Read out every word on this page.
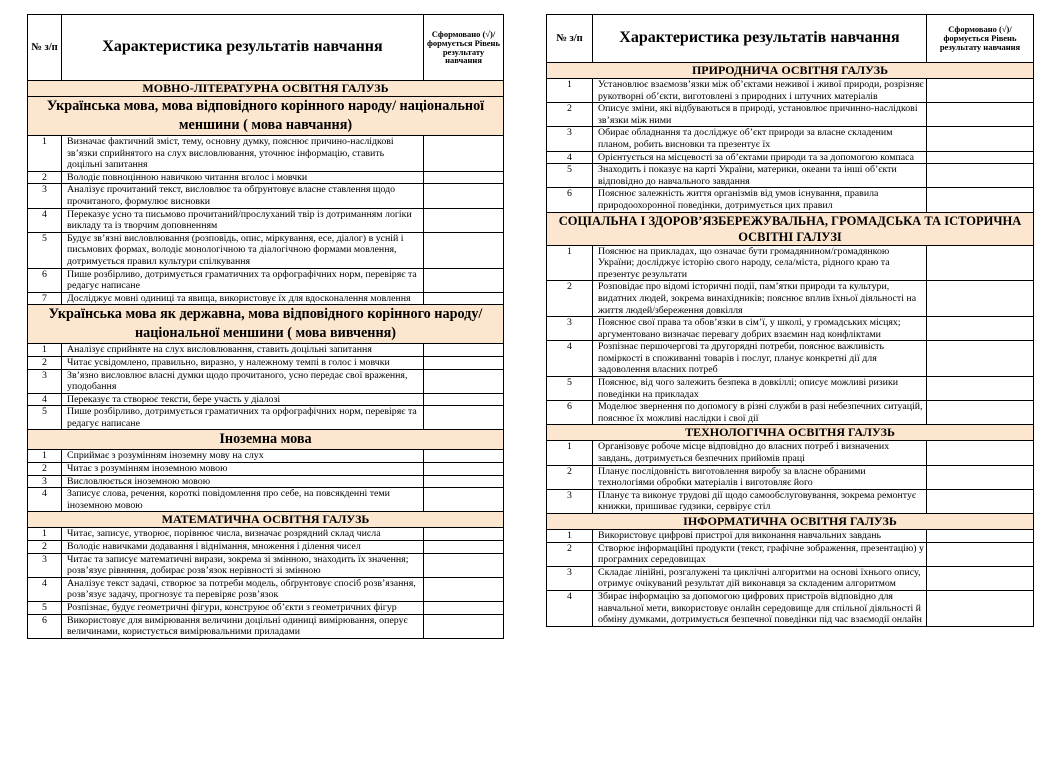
№ з/п	Характеристика результатів навчання	Сформовано (√)/ формується Рівень результату навчання
МОВНО-ЛІТЕРАТУРНА ОСВІТНЯ ГАЛУЗЬ		
Українська мова, мова відповідного корінного народу/ національної меншини ( мова навчання)		
1	Визначає фактичний зміст, тему, основну думку, пояснює причино-наслідкові зв’язки сприйнятого на слух висловлювання, уточнює інформацію, ставить доцільні запитання	
2	Володіє повноцінною навичкою читання вголос і мовчки	
3	Аналізує прочитаний текст, висловлює та обґрунтовує власне ставлення щодо прочитаного, формулює висновки	
4	Переказує усно та письмово прочитаний/прослуханий твір із дотриманням логіки викладу та із творчим доповненням	
5	Будує зв’язні висловлювання (розповідь, опис, міркування, есе, діалог) в усній і письмових формах, володіє монологічною та діалогічною формами мовлення, дотримується правил культури спілкування	
6	Пише розбірливо, дотримується граматичних та орфографічних норм, перевіряє та редагує написане	
7	Досліджує мовні одиниці та явища, використовує їх для вдосконалення мовлення	
Українська мова як державна, мова відповідного корінного народу/ національної меншини ( мова вивчення)		
1	Аналізує сприйняте на слух висловлювання, ставить доцільні запитання	
2	Читає усвідомлено, правильно, виразно, у належному темпі в голос і мовчки	
3	Зв’язно висловлює власні думки щодо прочитаного, усно передає свої враження, уподобання	
4	Переказує та створює тексти, бере участь у діалозі	
5	Пише розбірливо, дотримується граматичних та орфографічних норм, перевіряє та редагує написане	
Іноземна мова		
1	Сприймає з розумінням іноземну мову на слух	
2	Читає з розумінням іноземною мовою	
3	Висловлюється іноземною мовою	
4	Записує слова, речення, короткі повідомлення про себе, на повсякденні теми іноземною мовою	
МАТЕМАТИЧНА ОСВІТНЯ ГАЛУЗЬ		
1	Читає, записує, утворює, порівнює числа, визначає розрядний склад числа	
2	Володіє навичками додавання і віднімання, множення і ділення чисел	
3	Читає та записує математичні вирази, зокрема зі змінною, знаходить їх значення; розв’язує рівняння, добирає розв’язок нерівності зі змінною	
4	Аналізує текст задачі, створює за потреби модель, обґрунтовує спосіб розв’язання, розв’язує задачу, прогнозує та перевіряє розв’язок	
5	Розпізнає, будує геометричні фігури, конструює об’єкти з геометричних фігур	
6	Використовує для вимірювання величини доцільні одиниці вимірювання, оперує величинами, користується вимірювальними приладами	
№ з/п	Характеристика результатів навчання	Сформовано (√)/ формується Рівень результату навчання
ПРИРОДНИЧА ОСВІТНЯ ГАЛУЗЬ		
1	Установлює взаємозв’язки між об’єктами неживої і живої природи, розрізняє рукотворні об’єкти, виготовлені з природних і штучних матеріалів	
2	Описує зміни, які відбуваються в природі, установлює причинно-наслідкові зв’язки між ними	
3	Обирає обладнання та досліджує об’єкт природи за власне складеним планом, робить висновки та презентує їх	
4	Орієнтується на місцевості за об’єктами природи та за допомогою компаса	
5	Знаходить і показує на карті України, материки, океани та інші об’єкти відповідно до навчального завдання	
6	Пояснює залежність життя організмів від умов існування, правила природоохоронної поведінки, дотримується цих правил	
СОЦІАЛЬНА І ЗДОРОВ’ЯЗБЕРЕЖУВАЛЬНА, ГРОМАДСЬКА ТА ІСТОРИЧНА ОСВІТНІ ГАЛУЗІ		
1	Пояснює на прикладах, що означає бути громадянином/громадянкою України; досліджує історію свого народу, села/міста, рідного краю та презентує результати	
2	Розповідає про відомі історичні події, пам’ятки природи та культури, видатних людей, зокрема винахідників; пояснює вплив їхньої діяльності на життя людей/збереження довкілля	
3	Пояснює свої права та обов’язки в сім’ї, у школі, у громадських місцях; аргументовано визначає перевагу добрих взаємин над конфліктами	
4	Розпізнає першочергові та другорядні потреби, пояснює важливість поміркості в споживанні товарів і послуг, планує конкретні дії для задоволення власних потреб	
5	Пояснює, від чого залежить безпека в довкіллі; описує можливі ризики поведінки на прикладах	
6	Моделює звернення по допомогу в різні служби в разі небезпечних ситуацій, пояснює їх можливі наслідки і свої дії	
ТЕХНОЛОГІЧНА ОСВІТНЯ ГАЛУЗЬ		
1	Організовує робоче місце відповідно до власних потреб і визначених завдань, дотримується безпечних прийомів праці	
2	Планує послідовність виготовлення виробу за власне обраними технологіями обробки матеріалів і виготовляє його	
3	Планує та виконує трудові дії щодо самообслуговування, зокрема ремонтує книжки, пришиває ґудзики, сервірує стіл	
ІНФОРМАТИЧНА ОСВІТНЯ ГАЛУЗЬ		
1	Використовує цифрові пристрої для виконання навчальних завдань	
2	Створює інформаційні продукти (текст, графічне зображення, презентацію) у програмних середовищах	
3	Складає лінійні, розгалужені та циклічні алгоритми на основі їхнього опису, отримує очікуваний результат дій виконавця за складеним алгоритмом	
4	Збирає інформацію за допомогою цифрових пристроїв відповідно для навчальної мети, використовує онлайн середовище для спільної діяльності й обміну думками, дотримується безпечної поведінки під час взаємодії онлайн	
